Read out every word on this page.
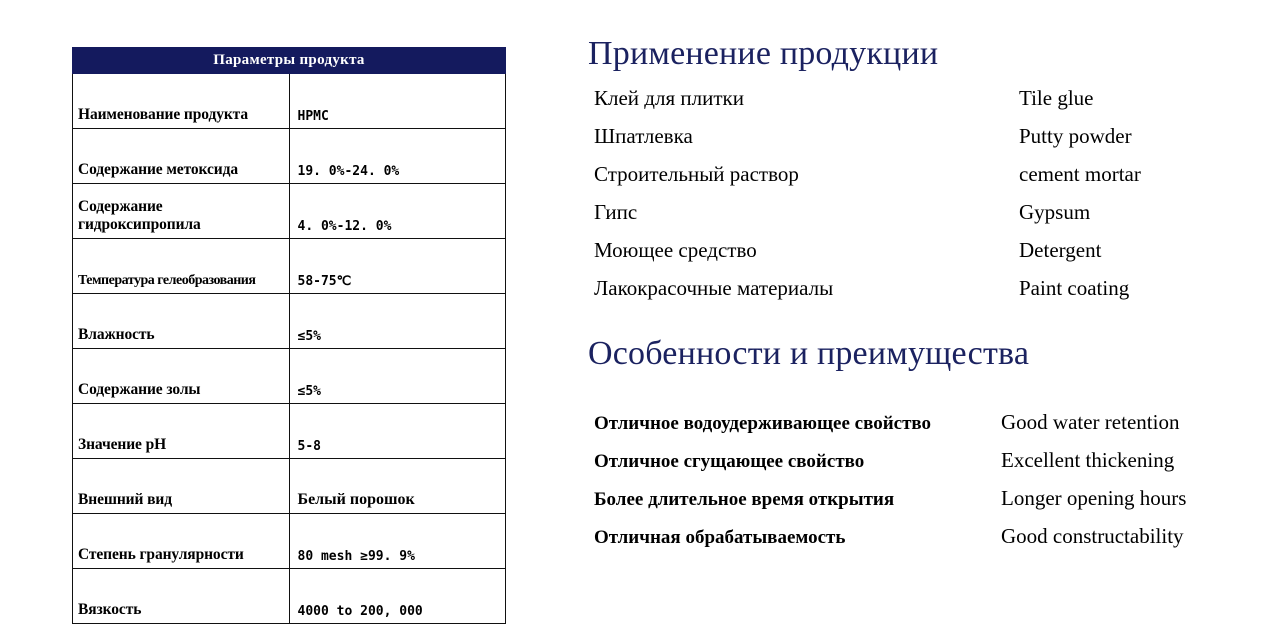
Параметры продукта	
Наименование продукта	HPMC
Содержание метоксида	19. 0%-24. 0%
Содержание гидроксипропила	4. 0%-12. 0%
Температура гелеобразования	58-75℃
Влажность	≤5%
Содержание золы	≤5%
Значение pH	5-8
Внешний вид	Белый порошок
Степень гранулярности	80 mesh ≥99. 9%
Вязкость	4000 to 200, 000
Применение продукции
Клей для плитки	Tile glue
Шпатлевка	Putty powder
Строительный раствор	cement mortar
Гипс	Gypsum
Моющее средство	Detergent
Лакокрасочные материалы	Paint coating
Особенности и преимущества
Отличное водоудерживающее свойство	Good water retention
Отличное сгущающее свойство	Excellent thickening
Более длительное время открытия	Longer opening hours
Отличная обрабатываемость	Good constructability
